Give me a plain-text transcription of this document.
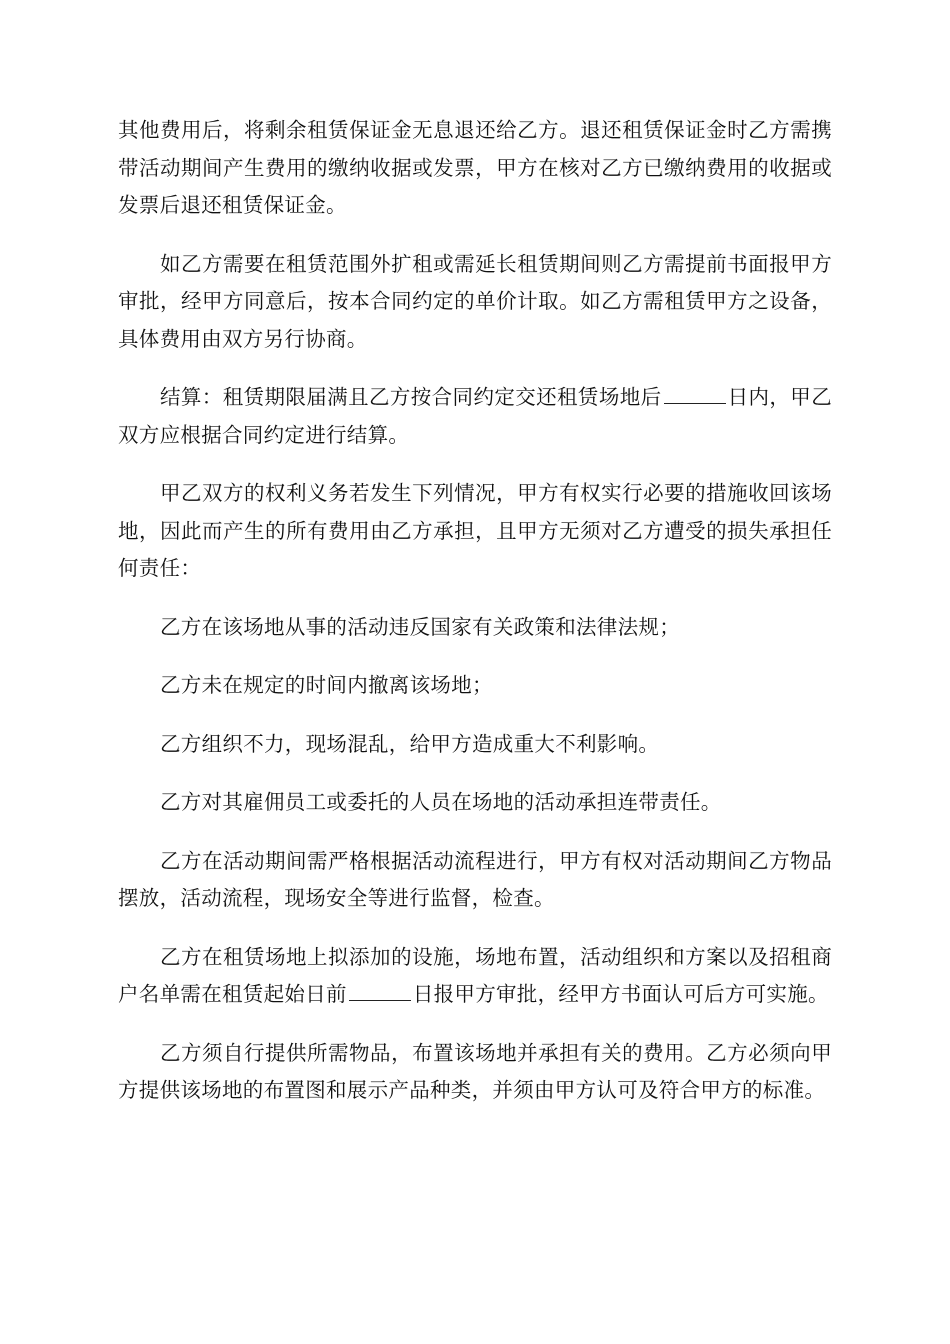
其他费用后，将剩余租赁保证金无息退还给乙方。退还租赁保证金时乙方需携带活动期间产生费用的缴纳收据或发票，甲方在核对乙方已缴纳费用的收据或发票后退还租赁保证金。

如乙方需要在租赁范围外扩租或需延长租赁期间则乙方需提前书面报甲方审批，经甲方同意后，按本合同约定的单价计取。如乙方需租赁甲方之设备，具体费用由双方另行协商。

结算：租赁期限届满且乙方按合同约定交还租赁场地后	日内，甲乙双方应根据合同约定进行结算。

甲乙双方的权利义务若发生下列情况，甲方有权实行必要的措施收回该场地，因此而产生的所有费用由乙方承担，且甲方无须对乙方遭受的损失承担任何责任：

乙方在该场地从事的活动违反国家有关政策和法律法规；

乙方未在规定的时间内撤离该场地；

乙方组织不力，现场混乱，给甲方造成重大不利影响。

乙方对其雇佣员工或委托的人员在场地的活动承担连带责任。

乙方在活动期间需严格根据活动流程进行，甲方有权对活动期间乙方物品摆放，活动流程，现场安全等进行监督，检查。

乙方在租赁场地上拟添加的设施，场地布置，活动组织和方案以及招租商户名单需在租赁起始日前	日报甲方审批，经甲方书面认可后方可实施。

乙方须自行提供所需物品，布置该场地并承担有关的费用。乙方必须向甲方提供该场地的布置图和展示产品种类，并须由甲方认可及符合甲方的标准。
